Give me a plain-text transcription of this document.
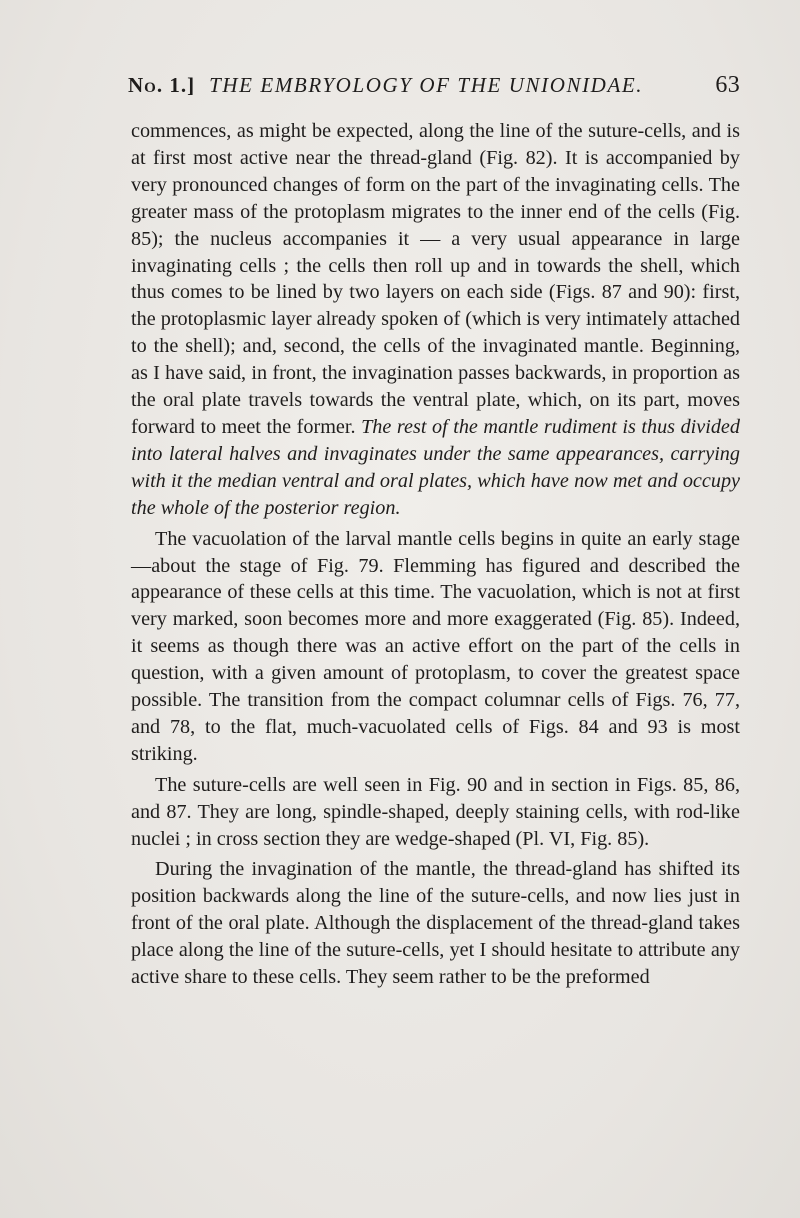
No. 1.] THE EMBRYOLOGY OF THE UNIONIDAE.	63

commences, as might be expected, along the line of the suture-cells, and is at first most active near the thread-gland (Fig. 82). It is accompanied by very pronounced changes of form on the part of the invaginating cells. The greater mass of the protoplasm migrates to the inner end of the cells (Fig. 85); the nucleus accompanies it — a very usual appearance in large invaginating cells ; the cells then roll up and in towards the shell, which thus comes to be lined by two layers on each side (Figs. 87 and 90): first, the protoplasmic layer already spoken of (which is very intimately attached to the shell); and, second, the cells of the invaginated mantle. Beginning, as I have said, in front, the invagination passes backwards, in proportion as the oral plate travels towards the ventral plate, which, on its part, moves forward to meet the former. The rest of the mantle rudiment is thus divided into lateral halves and invaginates under the same appearances, carrying with it the median ventral and oral plates, which have now met and occupy the whole of the posterior region.

The vacuolation of the larval mantle cells begins in quite an early stage—about the stage of Fig. 79. Flemming has figured and described the appearance of these cells at this time. The vacuolation, which is not at first very marked, soon becomes more and more exaggerated (Fig. 85). Indeed, it seems as though there was an active effort on the part of the cells in question, with a given amount of protoplasm, to cover the greatest space possible. The transition from the compact columnar cells of Figs. 76, 77, and 78, to the flat, much-vacuolated cells of Figs. 84 and 93 is most striking.

The suture-cells are well seen in Fig. 90 and in section in Figs. 85, 86, and 87. They are long, spindle-shaped, deeply staining cells, with rod-like nuclei ; in cross section they are wedge-shaped (Pl. VI, Fig. 85).

During the invagination of the mantle, the thread-gland has shifted its position backwards along the line of the suture-cells, and now lies just in front of the oral plate. Although the displacement of the thread-gland takes place along the line of the suture-cells, yet I should hesitate to attribute any active share to these cells. They seem rather to be the preformed
